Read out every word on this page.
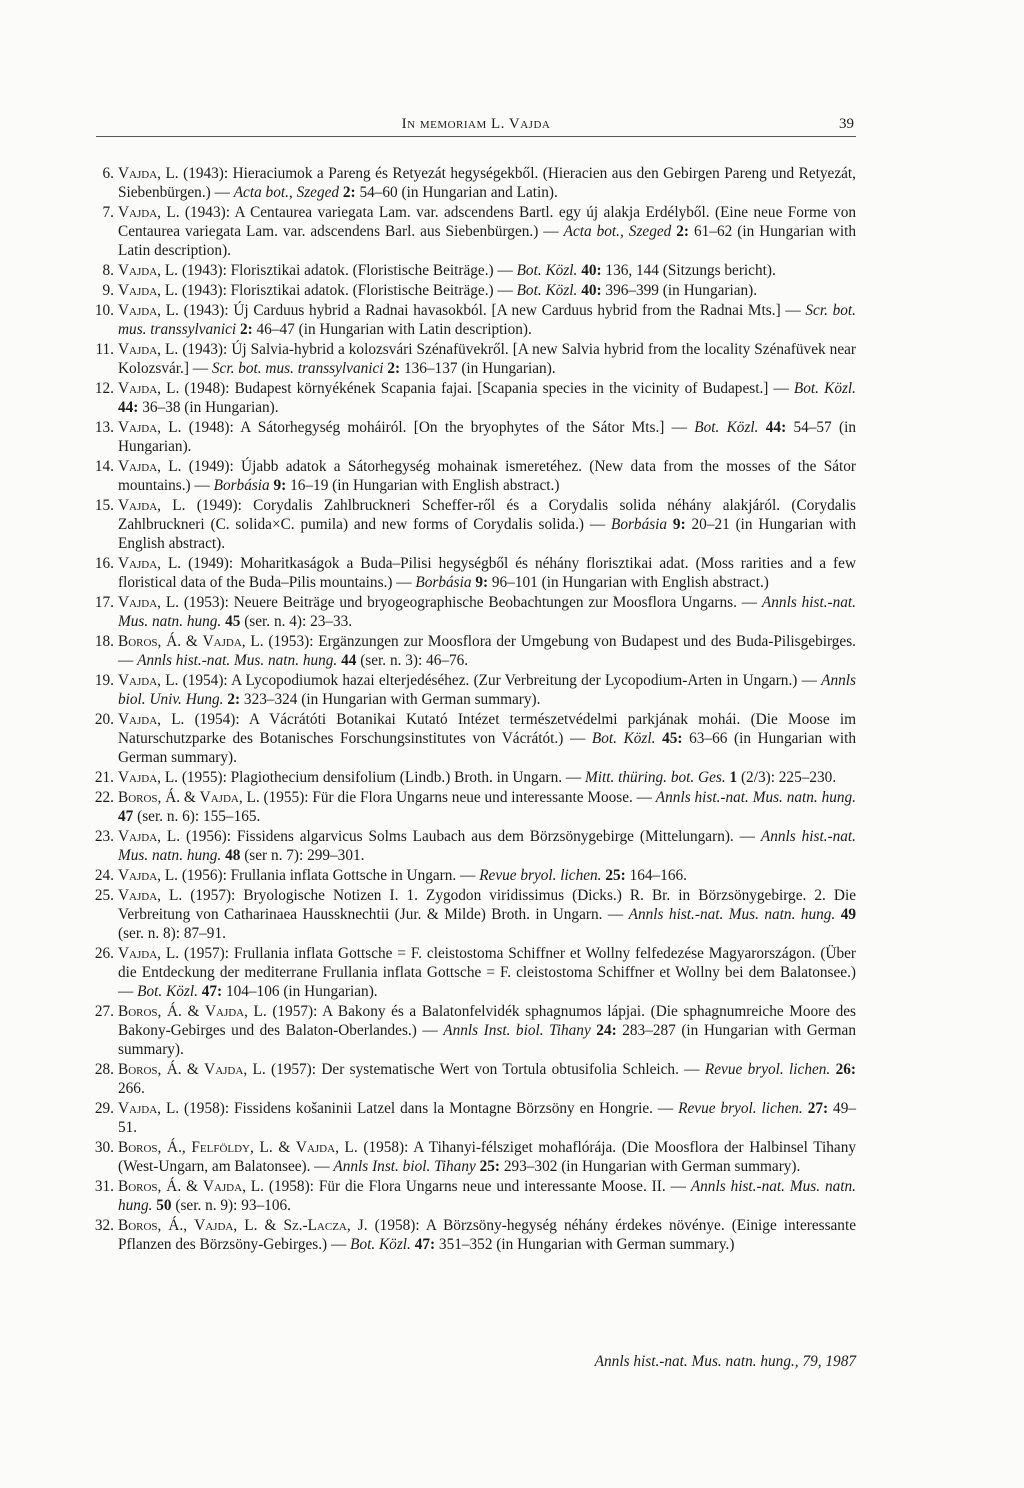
In memoriam L. Vajda	39
6. Vajda, L. (1943): Hieraciumok a Pareng és Retyezát hegységekből. (Hieracien aus den Gebirgen Pareng und Retyezát, Siebenbürgen.) — Acta bot., Szeged 2: 54–60 (in Hungarian and Latin).
7. Vajda, L. (1943): A Centaurea variegata Lam. var. adscendens Bartl. egy új alakja Erdélyből. (Eine neue Forme von Centaurea variegata Lam. var. adscendens Barl. aus Siebenbürgen.) — Acta bot., Szeged 2: 61–62 (in Hungarian with Latin description).
8. Vajda, L. (1943): Florisztikai adatok. (Floristische Beiträge.) — Bot. Közl. 40: 136, 144 (Sitzungs bericht).
9. Vajda, L. (1943): Florisztikai adatok. (Floristische Beiträge.) — Bot. Közl. 40: 396–399 (in Hungarian).
10. Vajda, L. (1943): Új Carduus hybrid a Radnai havasokból. [A new Carduus hybrid from the Radnai Mts.] — Scr. bot. mus. transsylvanici 2: 46–47 (in Hungarian with Latin description).
11. Vajda, L. (1943): Új Salvia-hybrid a kolozsvári Szénafüvekről. [A new Salvia hybrid from the locality Szénafüvek near Kolozsvár.] — Scr. bot. mus. transsylvanici 2: 136–137 (in Hungarian).
12. Vajda, L. (1948): Budapest környékének Scapania fajai. [Scapania species in the vicinity of Budapest.] — Bot. Közl. 44: 36–38 (in Hungarian).
13. Vajda, L. (1948): A Sátorhegység moháiról. [On the bryophytes of the Sátor Mts.] — Bot. Közl. 44: 54–57 (in Hungarian).
14. Vajda, L. (1949): Újabb adatok a Sátorhegység mohainak ismeretéhez. (New data from the mosses of the Sátor mountains.) — Borbásia 9: 16–19 (in Hungarian with English abstract.)
15. Vajda, L. (1949): Corydalis Zahlbruckneri Scheffer-ről és a Corydalis solida néhány alakjáról. (Corydalis Zahlbruckneri (C. solida×C. pumila) and new forms of Corydalis solida.) — Borbásia 9: 20–21 (in Hungarian with English abstract).
16. Vajda, L. (1949): Moharitkaságok a Buda–Pilisi hegységből és néhány florisztikai adat. (Moss rarities and a few floristical data of the Buda–Pilis mountains.) — Borbásia 9: 96–101 (in Hungarian with English abstract.)
17. Vajda, L. (1953): Neuere Beiträge und bryogeographische Beobachtungen zur Moosflora Ungarns. — Annls hist.-nat. Mus. natn. hung. 45 (ser. n. 4): 23–33.
18. Boros, Á. & Vajda, L. (1953): Ergänzungen zur Moosflora der Umgebung von Budapest und des Buda-Pilisgebirges. — Annls hist.-nat. Mus. natn. hung. 44 (ser. n. 3): 46–76.
19. Vajda, L. (1954): A Lycopodiumok hazai elterjedéséhez. (Zur Verbreitung der Lycopodium-Arten in Ungarn.) — Annls biol. Univ. Hung. 2: 323–324 (in Hungarian with German summary).
20. Vajda, L. (1954): A Vácrátóti Botanikai Kutató Intézet természetvédelmi parkjának mohái. (Die Moose im Naturschutzparke des Botanisches Forschungsinstitutes von Vácrátót.) — Bot. Közl. 45: 63–66 (in Hungarian with German summary).
21. Vajda, L. (1955): Plagiothecium densifolium (Lindb.) Broth. in Ungarn. — Mitt. thüring. bot. Ges. 1 (2/3): 225–230.
22. Boros, Á. & Vajda, L. (1955): Für die Flora Ungarns neue und interessante Moose. — Annls hist.-nat. Mus. natn. hung. 47 (ser. n. 6): 155–165.
23. Vajda, L. (1956): Fissidens algarvicus Solms Laubach aus dem Börzsönygebirge (Mittelungarn). — Annls hist.-nat. Mus. natn. hung. 48 (ser n. 7): 299–301.
24. Vajda, L. (1956): Frullania inflata Gottsche in Ungarn. — Revue bryol. lichen. 25: 164–166.
25. Vajda, L. (1957): Bryologische Notizen I. 1. Zygodon viridissimus (Dicks.) R. Br. in Börzsönygebirge. 2. Die Verbreitung von Catharinaea Haussknechtii (Jur. & Milde) Broth. in Ungarn. — Annls hist.-nat. Mus. natn. hung. 49 (ser. n. 8): 87–91.
26. Vajda, L. (1957): Frullania inflata Gottsche = F. cleistostoma Schiffner et Wollny felfedezése Magyarországon. (Über die Entdeckung der mediterrane Frullania inflata Gottsche = F. cleistostoma Schiffner et Wollny bei dem Balatonsee.) — Bot. Közl. 47: 104–106 (in Hungarian).
27. Boros, Á. & Vajda, L. (1957): A Bakony és a Balatonfelvidék sphagnumos lápjai. (Die sphagnumreiche Moore des Bakony-Gebirges und des Balaton-Oberlandes.) — Annls Inst. biol. Tihany 24: 283–287 (in Hungarian with German summary).
28. Boros, Á. & Vajda, L. (1957): Der systematische Wert von Tortula obtusifolia Schleich. — Revue bryol. lichen. 26: 266.
29. Vajda, L. (1958): Fissidens košaninii Latzel dans la Montagne Börzsöny en Hongrie. — Revue bryol. lichen. 27: 49–51.
30. Boros, Á., Felföldy, L. & Vajda, L. (1958): A Tihanyi-félsziget mohaflórája. (Die Moosflora der Halbinsel Tihany (West-Ungarn, am Balatonsee). — Annls Inst. biol. Tihany 25: 293–302 (in Hungarian with German summary).
31. Boros, Á. & Vajda, L. (1958): Für die Flora Ungarns neue und interessante Moose. II. — Annls hist.-nat. Mus. natn. hung. 50 (ser. n. 9): 93–106.
32. Boros, Á., Vajda, L. & Sz.-Lacza, J. (1958): A Börzsöny-hegység néhány érdekes növénye. (Einige interessante Pflanzen des Börzsöny-Gebirges.) — Bot. Közl. 47: 351–352 (in Hungarian with German summary.)
Annls hist.-nat. Mus. natn. hung., 79, 1987
